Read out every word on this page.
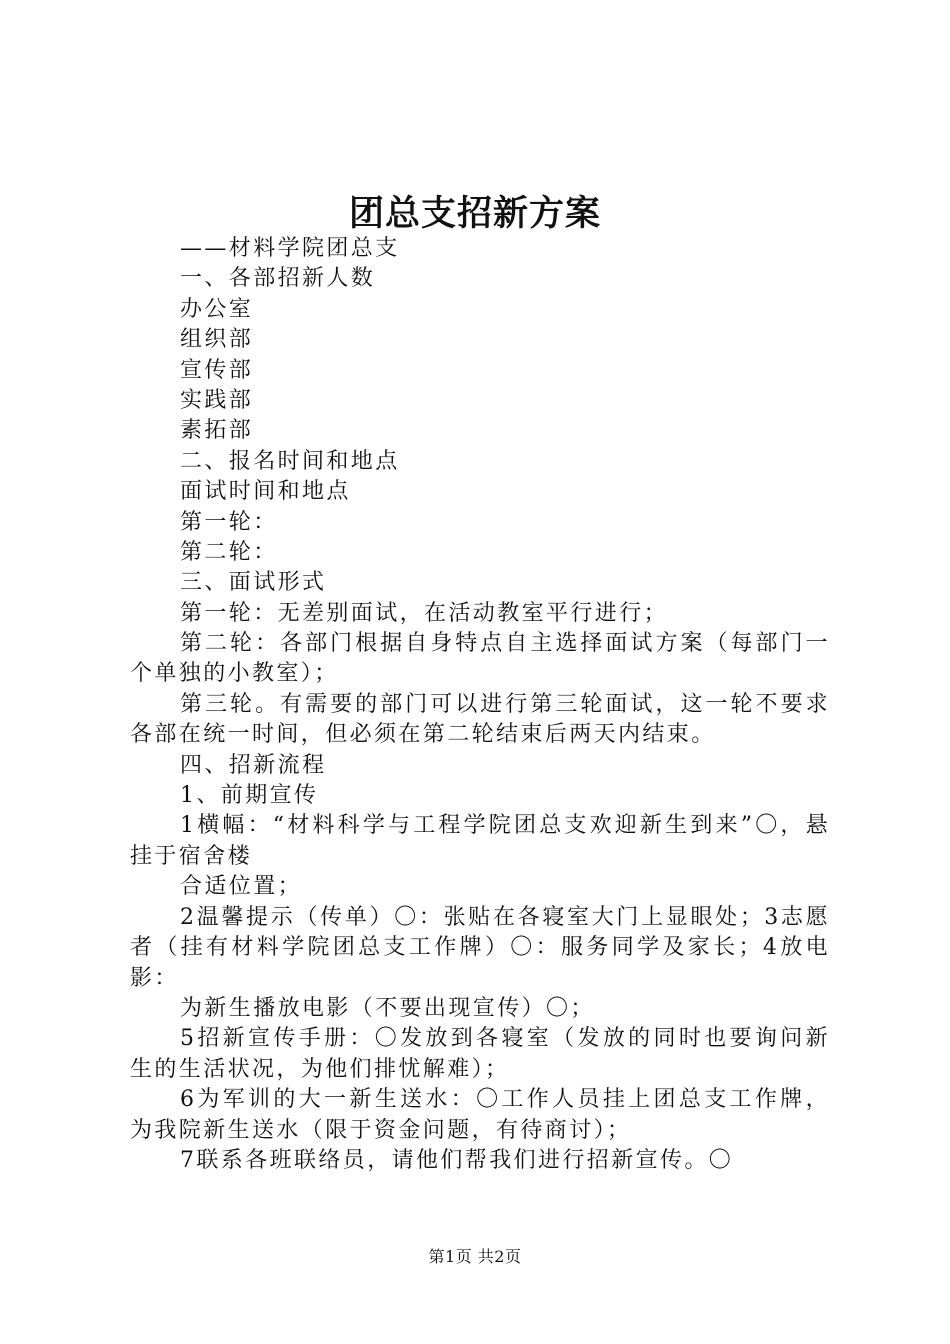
团总支招新方案
——材料学院团总支
一、各部招新人数
办公室
组织部
宣传部
实践部
素拓部
二、报名时间和地点
面试时间和地点
第一轮：
第二轮：
三、面试形式
第一轮：无差别面试，在活动教室平行进行；
第二轮：各部门根据自身特点自主选择面试方案（每部门一个单独的小教室）；
第三轮。有需要的部门可以进行第三轮面试，这一轮不要求各部在统一时间，但必须在第二轮结束后两天内结束。
四、招新流程
1、前期宣传
1横幅：“材料科学与工程学院团总支欢迎新生到来”〇，悬挂于宿舍楼
合适位置；
2温馨提示（传单）〇：张贴在各寝室大门上显眼处；3志愿者（挂有材料学院团总支工作牌）〇：服务同学及家长；4放电影：
为新生播放电影（不要出现宣传）〇；
5招新宣传手册：〇发放到各寝室（发放的同时也要询问新生的生活状况，为他们排忧解难）；
6为军训的大一新生送水：〇工作人员挂上团总支工作牌，为我院新生送水（限于资金问题，有待商讨）；
7联系各班联络员，请他们帮我们进行招新宣传。〇
第1页 共2页
